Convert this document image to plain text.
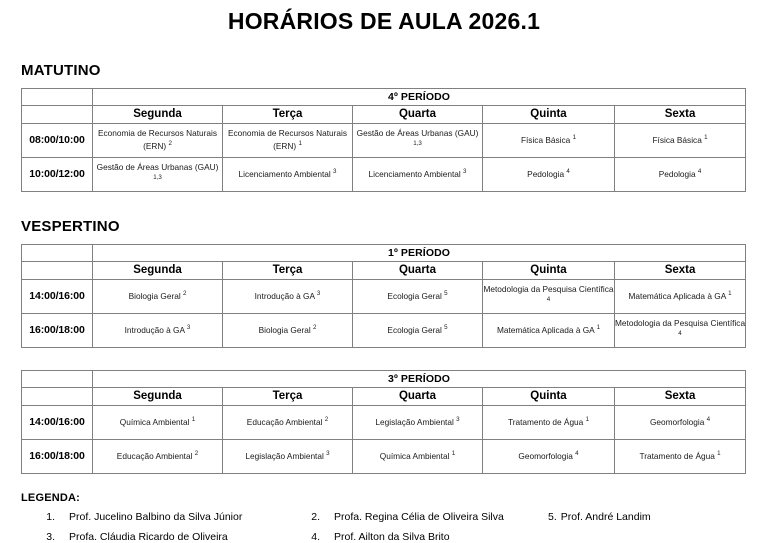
HORÁRIOS DE AULA 2026.1
MATUTINO
	4º PERÍODO				
	Segunda	Terça	Quarta	Quinta	Sexta
08:00/10:00	Economia de Recursos Naturais (ERN) $^2$	Economia de Recursos Naturais (ERN) $^1$	Gestão de Áreas Urbanas (GAU) $^{1,3}$	Física Básica $^1$	Física Básica $^1$
10:00/12:00	Gestão de Áreas Urbanas (GAU) $^{1,3}$	Licenciamento Ambiental $^3$	Licenciamento Ambiental $^3$	Pedologia $^4$	Pedologia $^4$
VESPERTINO
	1º PERÍODO				
	Segunda	Terça	Quarta	Quinta	Sexta
14:00/16:00	Biologia Geral $^2$	Introdução à GA $^3$	Ecologia Geral $^5$	Metodologia da Pesquisa Científica $^4$	Matemática Aplicada à GA $^1$
16:00/18:00	Introdução à GA $^3$	Biologia Geral $^2$	Ecologia Geral $^5$	Matemática Aplicada à GA $^1$	Metodologia da Pesquisa Científica $^4$
	3º PERÍODO				
	Segunda	Terça	Quarta	Quinta	Sexta
14:00/16:00	Química Ambiental $^1$	Educação Ambiental $^2$	Legislação Ambiental $^3$	Tratamento de Água $^1$	Geomorfologia $^4$
16:00/18:00	Educação Ambiental $^2$	Legislação Ambiental $^3$	Química Ambiental $^1$	Geomorfologia $^4$	Tratamento de Água $^1$
LEGENDA:
1.	Prof. Jucelino Balbino da Silva Júnior	2.	Profa. Regina Célia de Oliveira Silva	5. Prof. André Landim
3.	Profa. Cláudia Ricardo de Oliveira	4.	Prof. Ailton da Silva Brito
